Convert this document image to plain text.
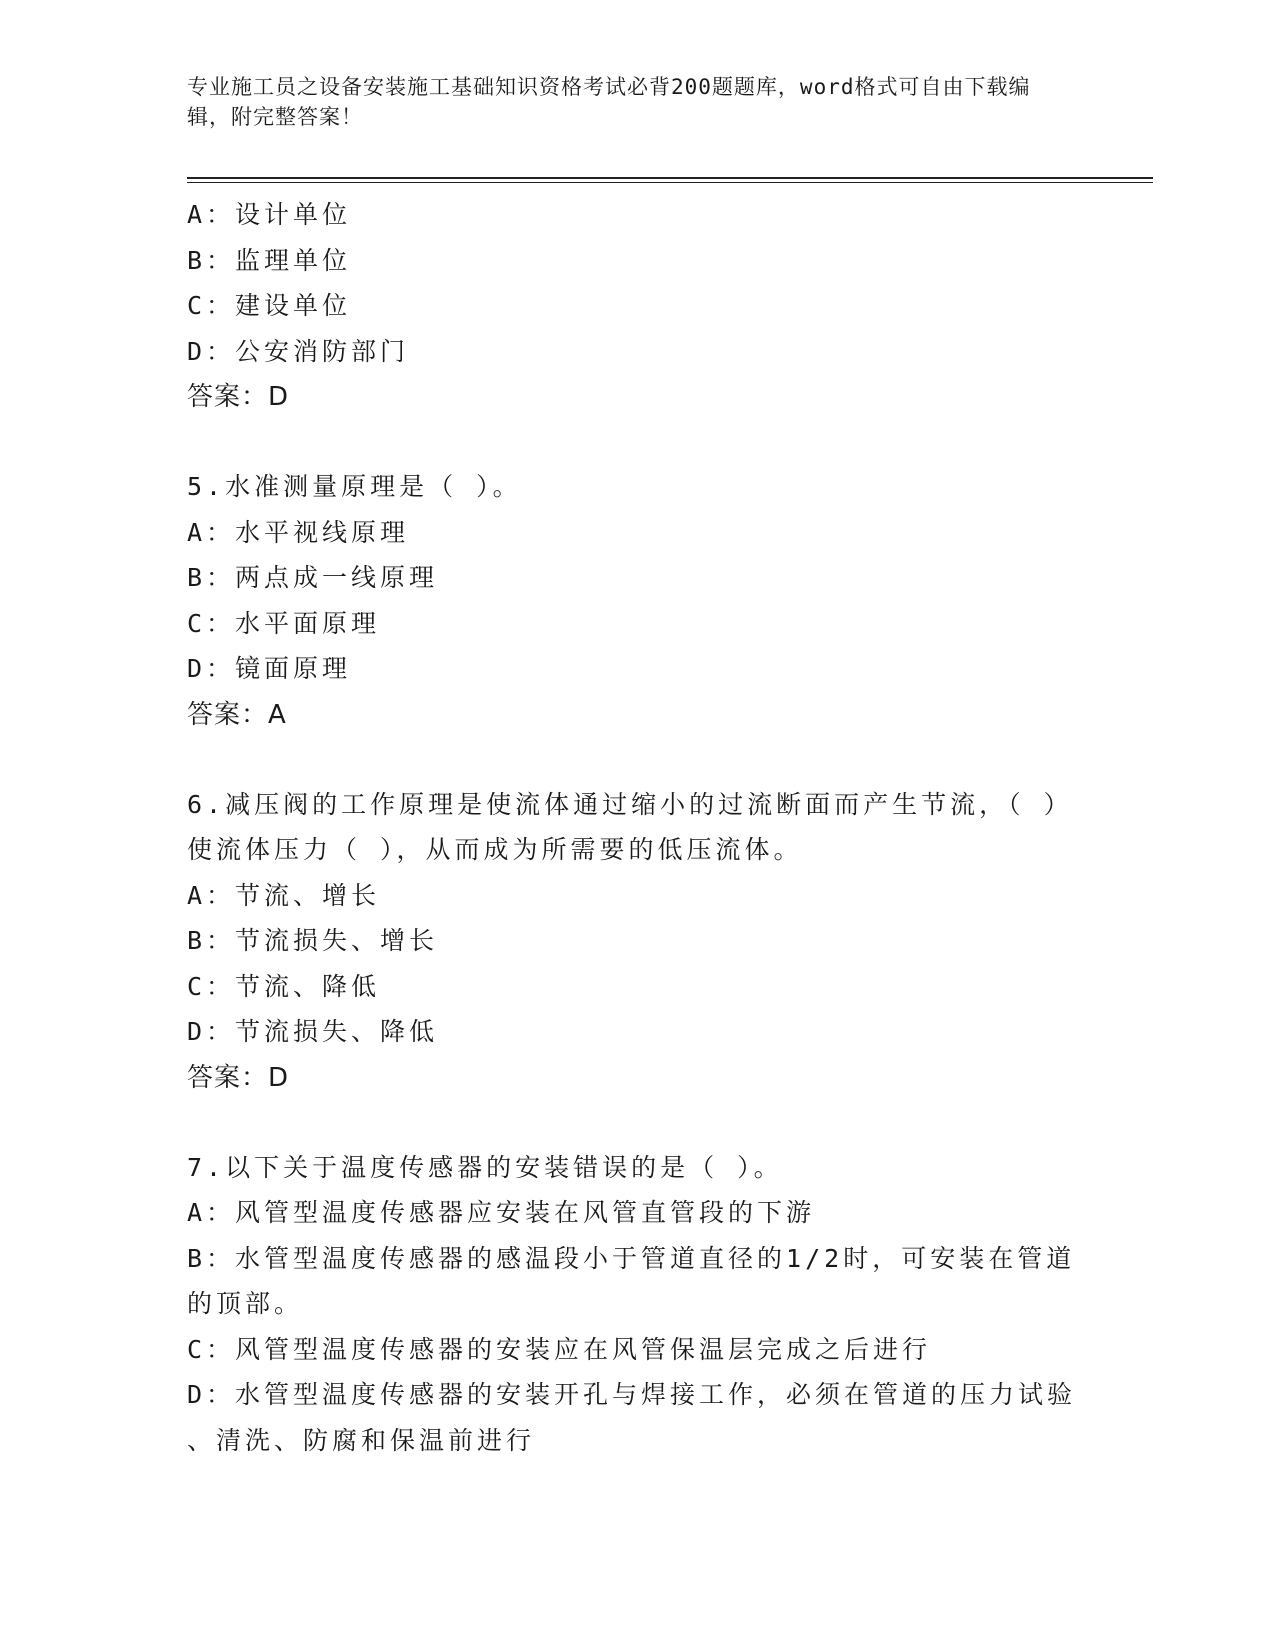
专业施工员之设备安装施工基础知识资格考试必背200题题库，word格式可自由下载编辑，附完整答案！
A：设计单位
B：监理单位
C：建设单位
D：公安消防部门
答案：D
5.水准测量原理是（ ）。
A：水平视线原理
B：两点成一线原理
C：水平面原理
D：镜面原理
答案：A
6.减压阀的工作原理是使流体通过缩小的过流断面而产生节流，（ ）
使流体压力（ ），从而成为所需要的低压流体。
A：节流、增长
B：节流损失、增长
C：节流、降低
D：节流损失、降低
答案：D
7.以下关于温度传感器的安装错误的是（ ）。
A：风管型温度传感器应安装在风管直管段的下游
B：水管型温度传感器的感温段小于管道直径的1/2时，可安装在管道
的顶部。
C：风管型温度传感器的安装应在风管保温层完成之后进行
D：水管型温度传感器的安装开孔与焊接工作，必须在管道的压力试验
、清洗、防腐和保温前进行
